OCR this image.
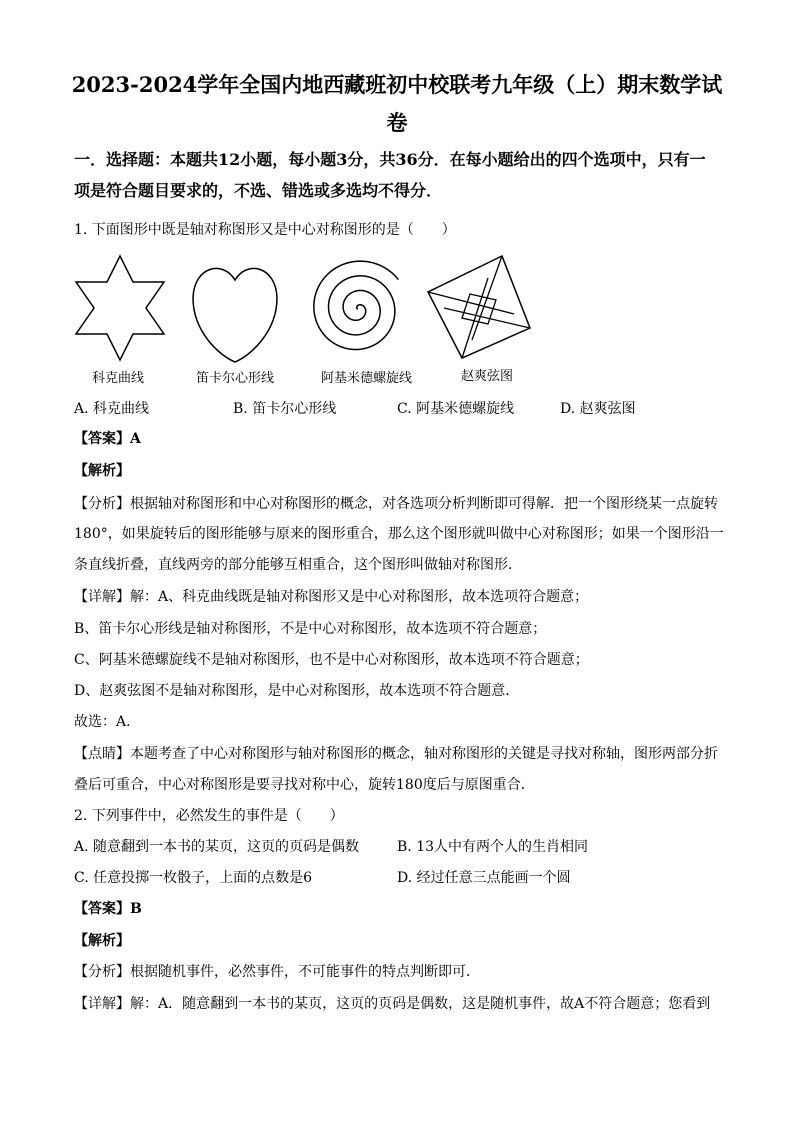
2023-2024学年全国内地西藏班初中校联考九年级（上）期末数学试
卷
一．选择题：本题共12小题，每小题3分，共36分．在每小题给出的四个选项中，只有一
项是符合题目要求的，不选、错选或多选均不得分．
1. 下面图形中既是轴对称图形又是中心对称图形的是（　　）
科克曲线	笛卡尔心形线	阿基米德螺旋线	赵爽弦图
A. 科克曲线	B. 笛卡尔心形线	C. 阿基米德螺旋线	D. 赵爽弦图
【答案】A
【解析】
【分析】根据轴对称图形和中心对称图形的概念，对各选项分析判断即可得解．把一个图形绕某一点旋转
180°，如果旋转后的图形能够与原来的图形重合，那么这个图形就叫做中心对称图形；如果一个图形沿一
条直线折叠，直线两旁的部分能够互相重合，这个图形叫做轴对称图形．
【详解】解：A、科克曲线既是轴对称图形又是中心对称图形，故本选项符合题意；
B、笛卡尔心形线是轴对称图形，不是中心对称图形，故本选项不符合题意；
C、阿基米德螺旋线不是轴对称图形，也不是中心对称图形，故本选项不符合题意；
D、赵爽弦图不是轴对称图形，是中心对称图形，故本选项不符合题意．
故选：A．
【点睛】本题考查了中心对称图形与轴对称图形的概念，轴对称图形的关键是寻找对称轴，图形两部分折
叠后可重合，中心对称图形是要寻找对称中心，旋转180度后与原图重合．
2. 下列事件中，必然发生的事件是（　　）
A. 随意翻到一本书的某页，这页的页码是偶数	B. 13人中有两个人的生肖相同
C. 任意投掷一枚骰子，上面的点数是6	D. 经过任意三点能画一个圆
【答案】B
【解析】
【分析】根据随机事件，必然事件，不可能事件的特点判断即可．
【详解】解：A．随意翻到一本书的某页，这页的页码是偶数，这是随机事件，故A不符合题意；您看到
